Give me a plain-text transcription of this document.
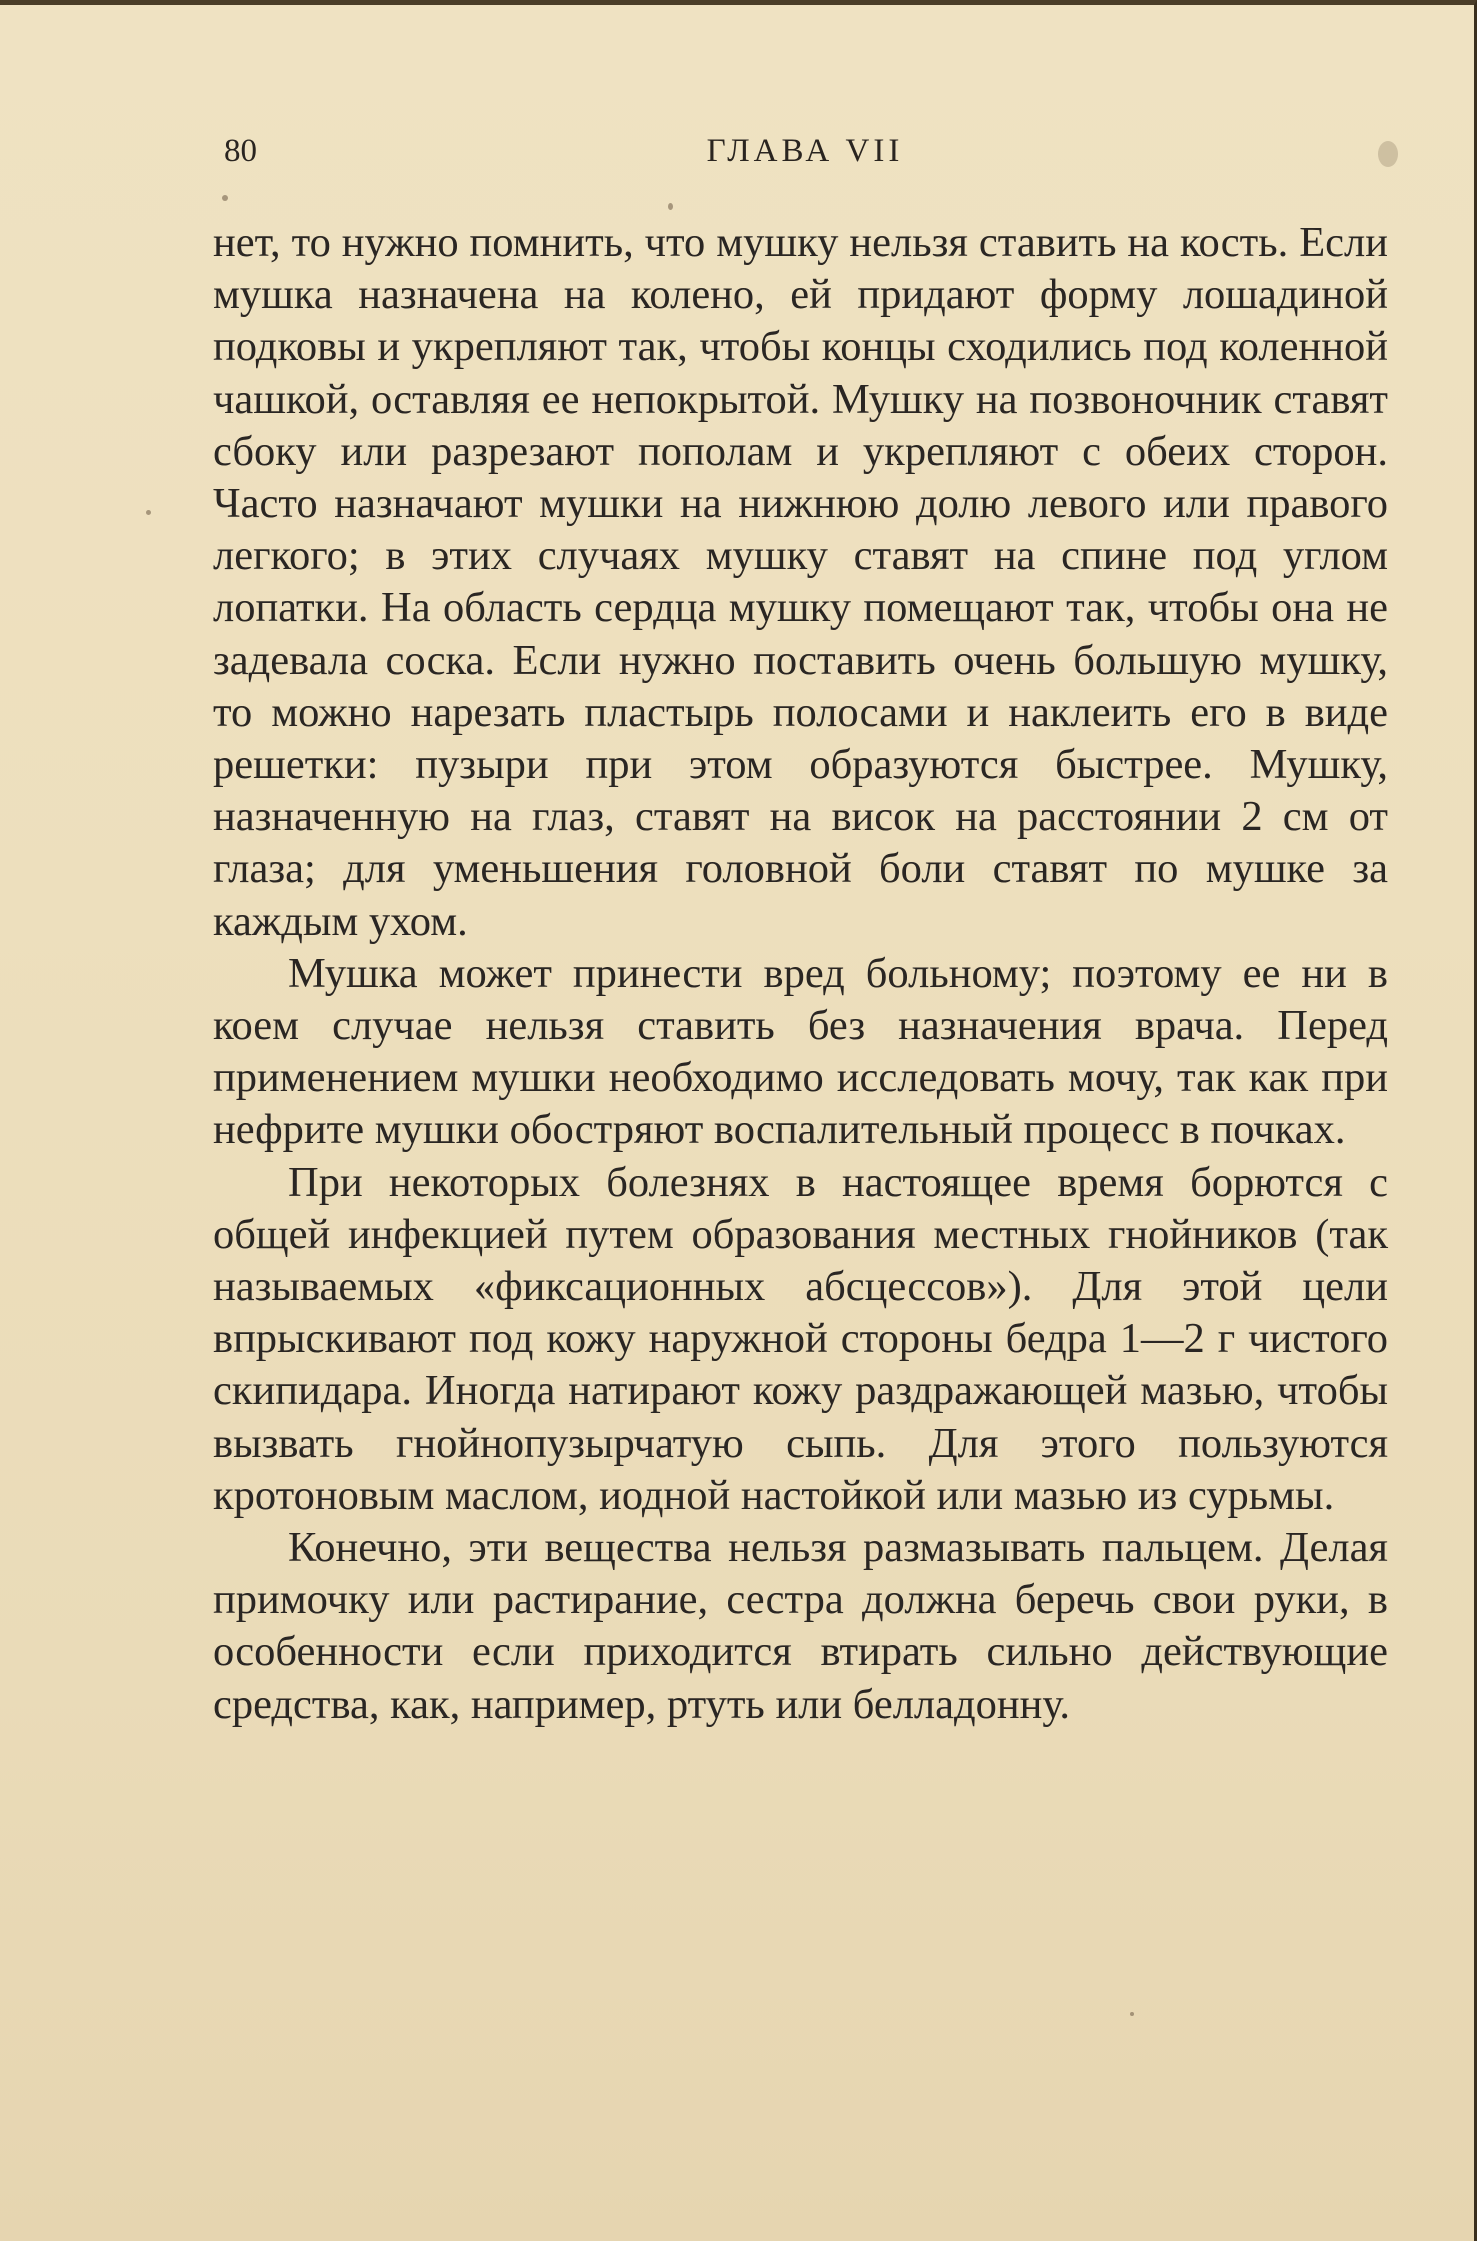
80	ГЛАВА VII

нет, то нужно помнить, что мушку нельзя ставить на кость. Если мушка назначена на колено, ей придают форму лошадиной подковы и укрепляют так, чтобы концы сходились под коленной чашкой, оставляя ее непокрытой. Мушку на позвоночник ставят сбоку или разрезают пополам и укрепляют с обеих сторон. Часто назначают мушки на нижнюю долю левого или правого легкого; в этих случаях мушку ставят на спине под углом лопатки. На область сердца мушку помещают так, чтобы она не задевала соска. Если нужно поставить очень большую мушку, то можно нарезать пластырь полосами и наклеить его в виде решетки: пузыри при этом образуются быстрее. Мушку, назначенную на глаз, ставят на висок на расстоянии 2 см от глаза; для уменьшения головной боли ставят по мушке за каждым ухом.

Мушка может принести вред больному; поэтому ее ни в коем случае нельзя ставить без назначения врача. Перед применением мушки необходимо исследовать мочу, так как при нефрите мушки обостряют воспалительный процесс в почках.

При некоторых болезнях в настоящее время борются с общей инфекцией путем образования местных гнойников (так называемых «фиксационных абсцессов»). Для этой цели впрыскивают под кожу наружной стороны бедра 1—2 г чистого скипидара. Иногда натирают кожу раздражающей мазью, чтобы вызвать гнойнопузырчатую сыпь. Для этого пользуются кротоновым маслом, иодной настойкой или мазью из сурьмы.

Конечно, эти вещества нельзя размазывать пальцем. Делая примочку или растирание, сестра должна беречь свои руки, в особенности если приходится втирать сильно действующие средства, как, например, ртуть или белладонну.
